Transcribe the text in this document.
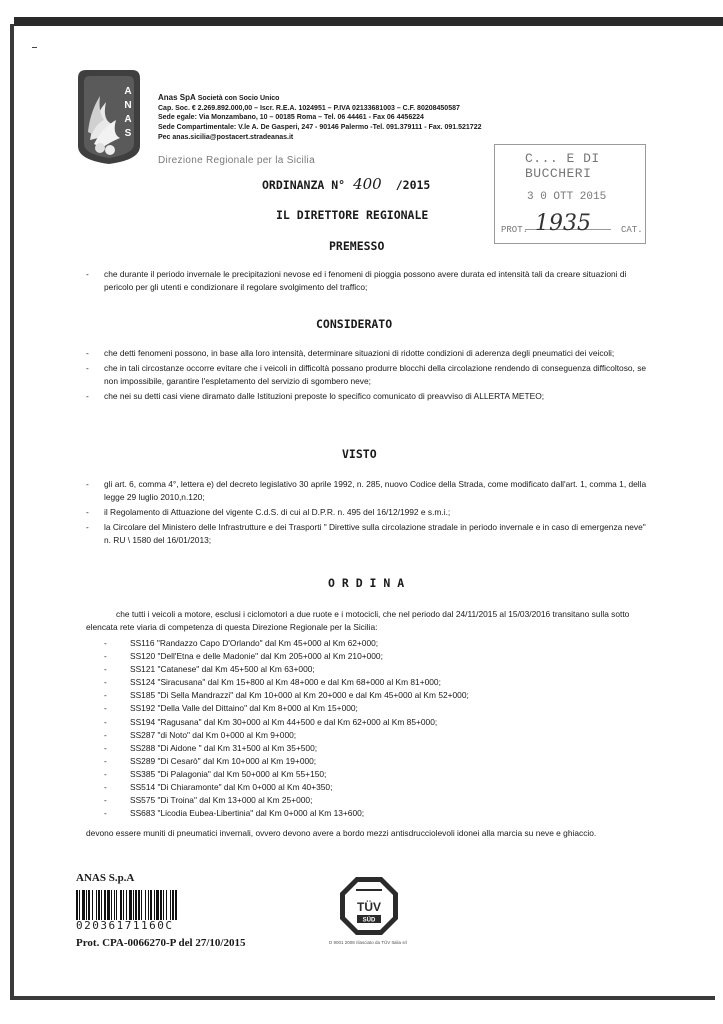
A
N
A
S
Anas SpA Società con Socio Unico
Cap. Soc. € 2.269.892.000,00 – Iscr. R.E.A. 1024951 – P.IVA 02133681003 – C.F. 80208450587
Sede egale: Via Monzambano, 10 – 00185 Roma – Tel. 06 44461 - Fax 06 4456224
Sede Compartimentale: V.le A. De Gasperi, 247 - 90146 Palermo -Tel. 091.379111 - Fax. 091.521722
Pec anas.sicilia@postacert.stradeanas.it
Direzione Regionale per la Sicilia	C... E DI BUCCHERI
3 0 OTT 2015
PROT. 1935	CAT.
ORDINANZA N° 400 /2015
IL DIRETTORE REGIONALE
PREMESSO
- che durante il periodo invernale le precipitazioni nevose ed i fenomeni di pioggia possono avere durata ed intensità tali da creare situazioni di pericolo per gli utenti e condizionare il regolare svolgimento del traffico;
CONSIDERATO
- che detti fenomeni possono, in base alla loro intensità, determinare situazioni di ridotte condizioni di aderenza degli pneumatici dei veicoli;
- che in tali circostanze occorre evitare che i veicoli in difficoltà possano produrre blocchi della circolazione rendendo di conseguenza difficoltoso, se non impossibile, garantire l'espletamento del servizio di sgombero neve;
- che nei su detti casi viene diramato dalle Istituzioni preposte lo specifico comunicato di preavviso di ALLERTA METEO;
VISTO
- gli art. 6, comma 4°, lettera e) del decreto legislativo 30 aprile 1992, n. 285, nuovo Codice della Strada, come modificato dall'art. 1, comma 1, della legge 29 luglio 2010,n.120;
- il Regolamento di Attuazione del vigente C.d.S. di cui al D.P.R. n. 495 del 16/12/1992 e s.m.i.;
- la Circolare del Ministero delle Infrastrutture e dei Trasporti " Direttive sulla circolazione stradale in periodo invernale e in caso di emergenza neve" n. RU \ 1580 del 16/01/2013;
O R D I N A
che tutti i veicoli a motore, esclusi i ciclomotori a due ruote e i motocicli, che nel periodo dal 24/11/2015 al 15/03/2016 transitano sulla sotto elencata rete viaria di competenza di questa Direzione Regionale per la Sicilia:
- SS116 "Randazzo Capo D'Orlando" dal Km 45+000 al Km 62+000;
- SS120 "Dell'Etna e delle Madonie" dal Km 205+000 al Km 210+000;
- SS121 "Catanese" dal Km 45+500 al Km 63+000;
- SS124 "Siracusana" dal Km 15+800 al Km 48+000 e dal Km 68+000 al Km 81+000;
- SS185 "Di Sella Mandrazzi" dal Km 10+000 al Km 20+000 e dal Km 45+000 al Km 52+000;
- SS192 "Della Valle del Dittaino" dal Km 8+000 al Km 15+000;
- SS194 "Ragusana" dal Km 30+000 al Km 44+500 e dal Km 62+000 al Km 85+000;
- SS287 "di Noto" dal Km 0+000 al Km 9+000;
- SS288 "Di Aidone " dal Km 31+500 al Km 35+500;
- SS289 "Di Cesarò" dal Km 10+000 al Km 19+000;
- SS385 "Di Palagonia" dal Km 50+000 al Km 55+150;
- SS514 "Di Chiaramonte" dal Km 0+000 al Km 40+350;
- SS575 "Di Troina" dal Km 13+000 al Km 25+000;
- SS683 "Licodia Eubea-Libertinia" dal Km 0+000 al Km 13+600;
devono essere muniti di pneumatici invernali, ovvero devono avere a bordo mezzi antisdrucciolevoli idonei alla marcia su neve e ghiaccio.
ANAS S.p.A
02036171160C
Prot. CPA-0066270-P del 27/10/2015
TÜV
SÜD
D 9001 2008 rilasciato da TÜV Italia srl
